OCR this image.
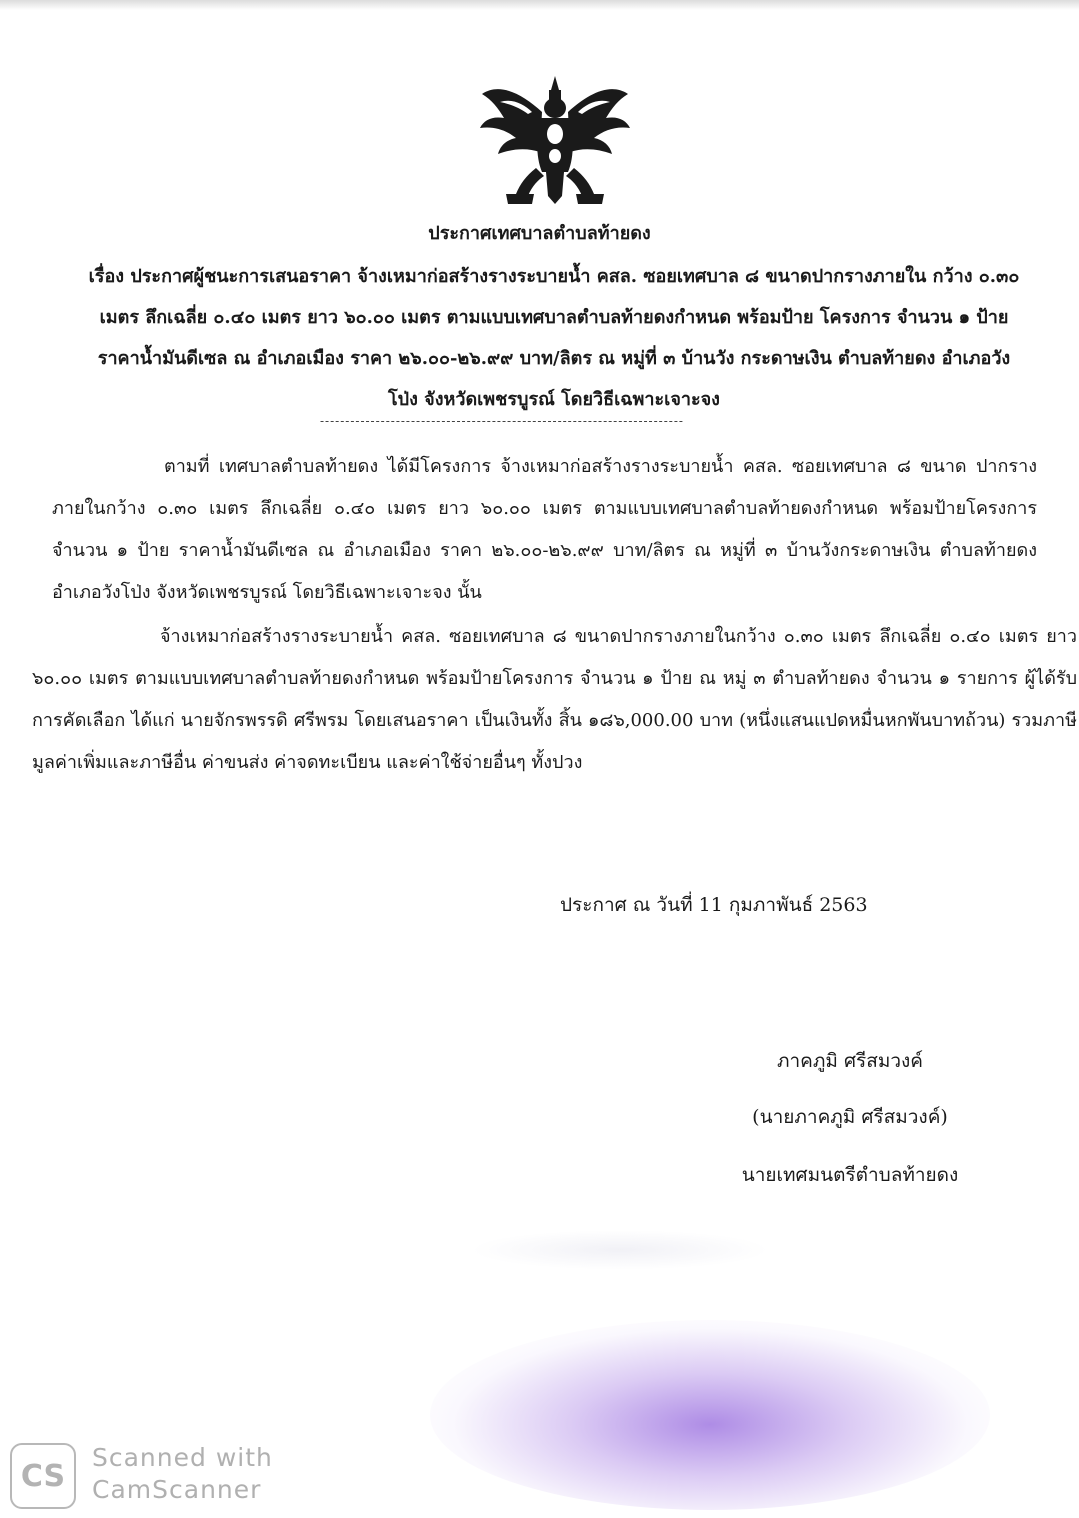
ประกาศเทศบาลตำบลท้ายดง
เรื่อง ประกาศผู้ชนะการเสนอราคา จ้างเหมาก่อสร้างรางระบายน้ำ คสล. ซอยเทศบาล ๘ ขนาดปากรางภายใน กว้าง ๐.๓๐ เมตร ลึกเฉลี่ย ๐.๔๐ เมตร ยาว ๖๐.๐๐ เมตร ตามแบบเทศบาลตำบลท้ายดงกำหนด พร้อมป้าย โครงการ จำนวน ๑ ป้าย ราคาน้ำมันดีเซล ณ อำเภอเมือง ราคา ๒๖.๐๐-๒๖.๙๙ บาท/ลิตร ณ หมู่ที่ ๓ บ้านวัง กระดาษเงิน ตำบลท้ายดง อำเภอวังโป่ง จังหวัดเพชรบูรณ์ โดยวิธีเฉพาะเจาะจง
------------------------------------------------------------------------
ตามที่ เทศบาลตำบลท้ายดง ได้มีโครงการ จ้างเหมาก่อสร้างรางระบายน้ำ คสล. ซอยเทศบาล ๘ ขนาด ปากรางภายในกว้าง ๐.๓๐ เมตร ลึกเฉลี่ย ๐.๔๐ เมตร ยาว ๖๐.๐๐ เมตร ตามแบบเทศบาลตำบลท้ายดงกำหนด พร้อมป้ายโครงการ จำนวน ๑ ป้าย ราคาน้ำมันดีเซล ณ อำเภอเมือง ราคา ๒๖.๐๐-๒๖.๙๙ บาท/ลิตร ณ หมู่ที่ ๓ บ้านวังกระดาษเงิน ตำบลท้ายดง อำเภอวังโป่ง จังหวัดเพชรบูรณ์ โดยวิธีเฉพาะเจาะจง นั้น
จ้างเหมาก่อสร้างรางระบายน้ำ คสล. ซอยเทศบาล ๘ ขนาดปากรางภายในกว้าง ๐.๓๐ เมตร ลึกเฉลี่ย ๐.๔๐ เมตร ยาว ๖๐.๐๐ เมตร ตามแบบเทศบาลตำบลท้ายดงกำหนด พร้อมป้ายโครงการ จำนวน ๑ ป้าย ณ หมู่ ๓ ตำบลท้ายดง จำนวน ๑ รายการ ผู้ได้รับการคัดเลือก ได้แก่ นายจักรพรรดิ ศรีพรม โดยเสนอราคา เป็นเงินทั้ง สิ้น ๑๘๖,000.00 บาท (หนึ่งแสนแปดหมื่นหกพันบาทถ้วน) รวมภาษีมูลค่าเพิ่มและภาษีอื่น ค่าขนส่ง ค่าจดทะเบียน และค่าใช้จ่ายอื่นๆ ทั้งปวง
ประกาศ ณ วันที่ 11 กุมภาพันธ์ 2563
ภาคภูมิ ศรีสมวงค์
(นายภาคภูมิ ศรีสมวงค์)
นายเทศมนตรีตำบลท้ายดง
CS
Scanned with
CamScanner
